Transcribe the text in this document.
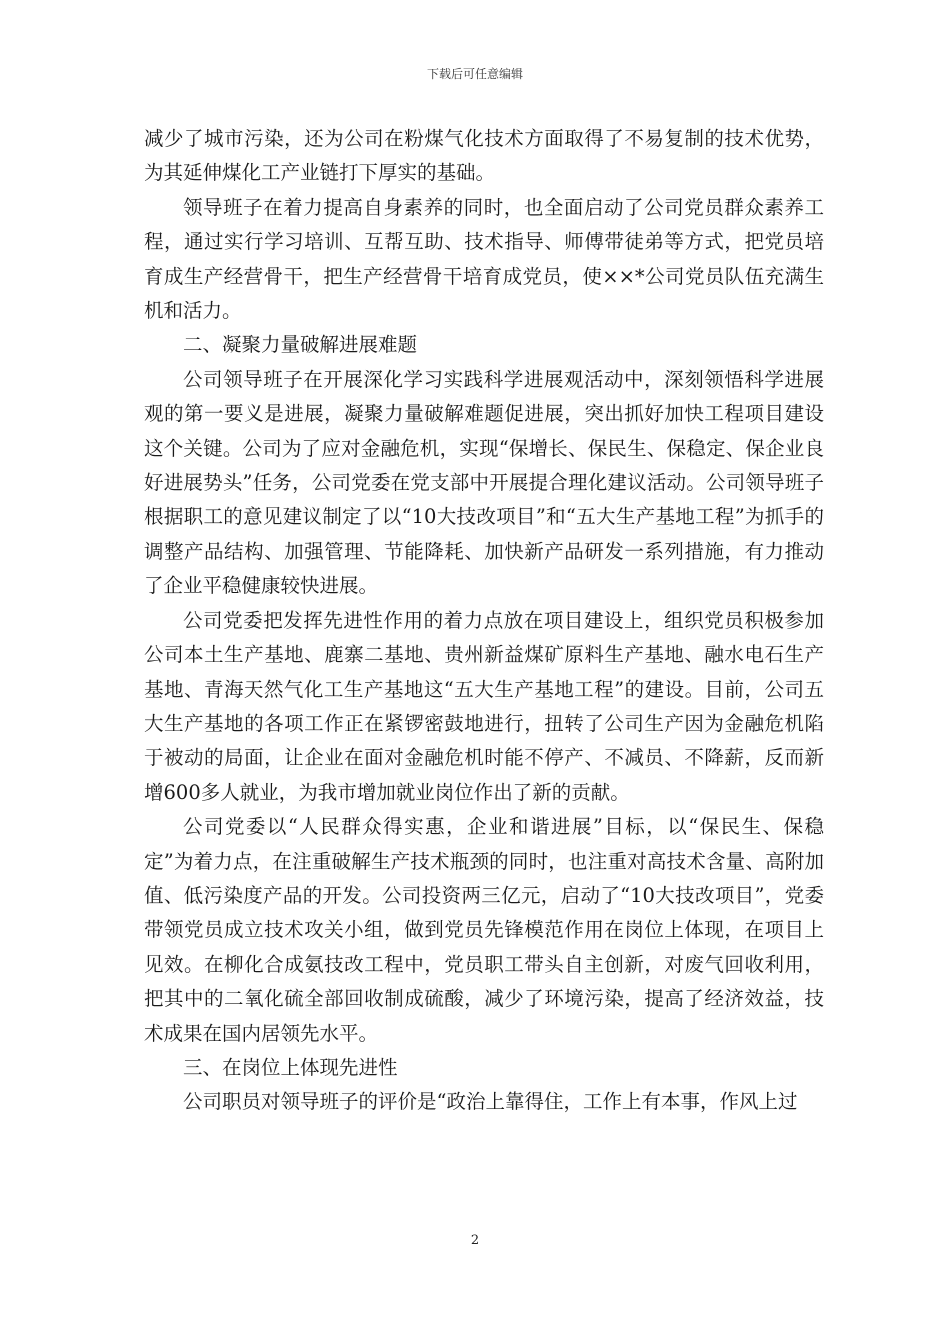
下载后可任意编辑

减少了城市污染，还为公司在粉煤气化技术方面取得了不易复制的技术优势，为其延伸煤化工产业链打下厚实的基础。

领导班子在着力提高自身素养的同时，也全面启动了公司党员群众素养工程，通过实行学习培训、互帮互助、技术指导、师傅带徒弟等方式，把党员培育成生产经营骨干，把生产经营骨干培育成党员，使××*公司党员队伍充满生机和活力。

二、凝聚力量破解进展难题

公司领导班子在开展深化学习实践科学进展观活动中，深刻领悟科学进展观的第一要义是进展，凝聚力量破解难题促进展，突出抓好加快工程项目建设这个关键。公司为了应对金融危机，实现“保增长、保民生、保稳定、保企业良好进展势头”任务，公司党委在党支部中开展提合理化建议活动。公司领导班子根据职工的意见建议制定了以“10大技改项目”和“五大生产基地工程”为抓手的调整产品结构、加强管理、节能降耗、加快新产品研发一系列措施，有力推动了企业平稳健康较快进展。

公司党委把发挥先进性作用的着力点放在项目建设上，组织党员积极参加公司本土生产基地、鹿寨二基地、贵州新益煤矿原料生产基地、融水电石生产基地、青海天然气化工生产基地这“五大生产基地工程”的建设。目前，公司五大生产基地的各项工作正在紧锣密鼓地进行，扭转了公司生产因为金融危机陷于被动的局面，让企业在面对金融危机时能不停产、不减员、不降薪，反而新增600多人就业，为我市增加就业岗位作出了新的贡献。

公司党委以“人民群众得实惠，企业和谐进展”目标，以“保民生、保稳定”为着力点，在注重破解生产技术瓶颈的同时，也注重对高技术含量、高附加值、低污染度产品的开发。公司投资两三亿元，启动了“10大技改项目”，党委带领党员成立技术攻关小组，做到党员先锋模范作用在岗位上体现，在项目上见效。在柳化合成氨技改工程中，党员职工带头自主创新，对废气回收利用，把其中的二氧化硫全部回收制成硫酸，减少了环境污染，提高了经济效益，技术成果在国内居领先水平。

三、在岗位上体现先进性

公司职员对领导班子的评价是“政治上靠得住，工作上有本事，作风上过

2
